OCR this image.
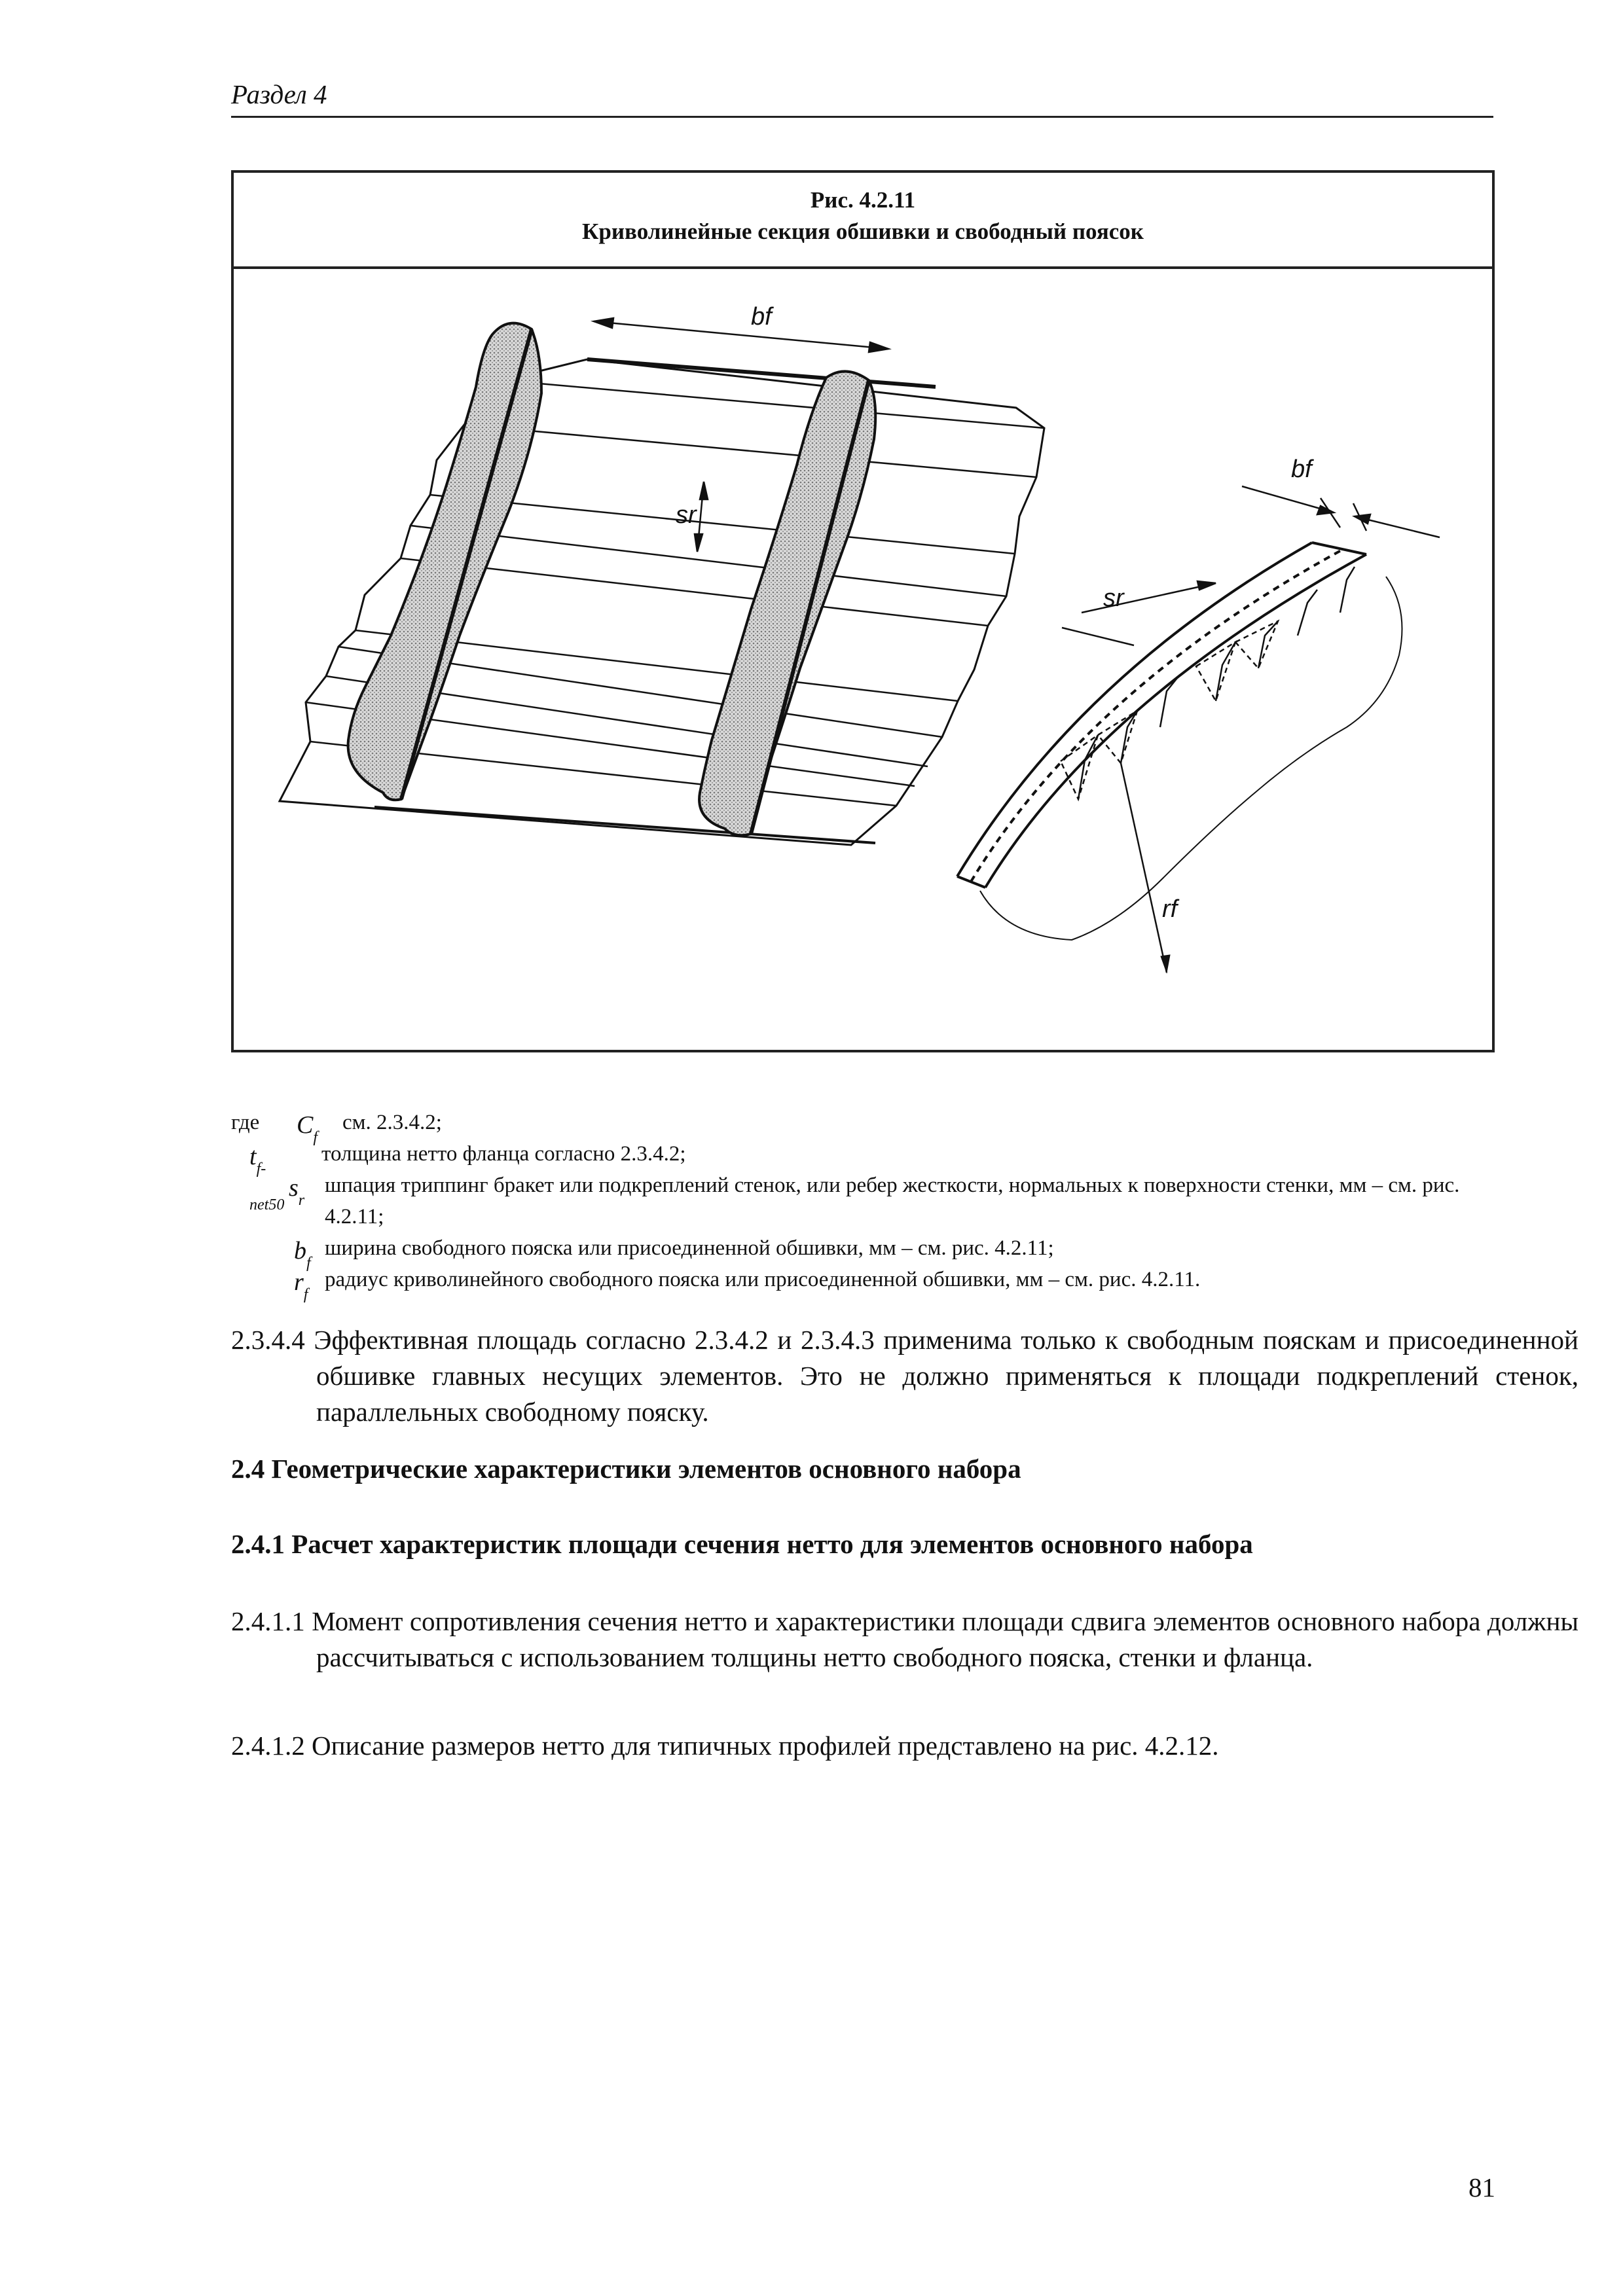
Раздел 4
Рис. 4.2.11
Криволинейные секция обшивки и свободный поясок
bf
sr
rf
bf
sr
где $C_f$
см. 2.3.4.2;
$t_{f-net50}$
толщина нетто фланца согласно 2.3.4.2;
$s_r$
шпация триппинг бракет или подкреплений стенок, или ребер жесткости, нормальных к поверхности стенки, мм – см. рис. 4.2.11;
$b_f$
ширина свободного пояска или присоединенной обшивки, мм – см. рис. 4.2.11;
$r_f$
радиус криволинейного свободного пояска или присоединенной обшивки, мм – см. рис. 4.2.11.
2.3.4.4 Эффективная площадь согласно 2.3.4.2 и 2.3.4.3 применима только к свободным пояскам и присоединенной обшивке главных несущих элементов. Это не должно применяться к площади подкреплений стенок, параллельных свободному пояску.
2.4 Геометрические характеристики элементов основного набора
2.4.1 Расчет характеристик площади сечения нетто для элементов основного набора
2.4.1.1 Момент сопротивления сечения нетто и характеристики площади сдвига элементов основного набора должны рассчитываться с использованием толщины нетто свободного пояска, стенки и фланца.
2.4.1.2 Описание размеров нетто для типичных профилей представлено на рис. 4.2.12.
81
